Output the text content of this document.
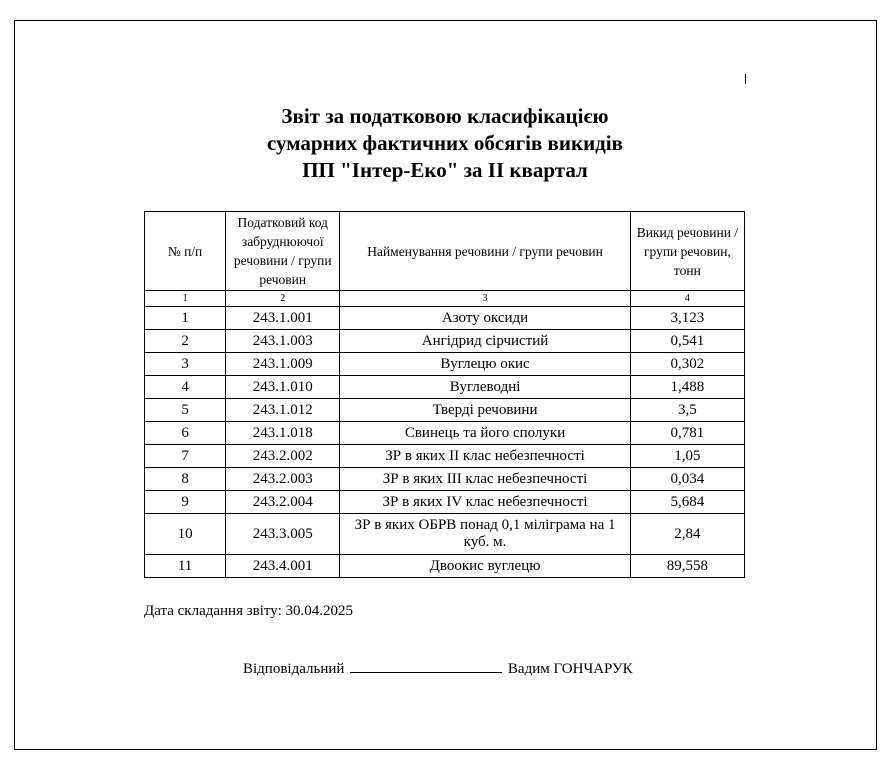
Звіт за податковою класифікацією
сумарних фактичних обсягів викидів
ПП "Інтер-Еко" за ІІ квартал
№ п/п	Податковий код забруднюючої речовини / групи речовин	Найменування речовини / групи речовин	Викид речовини / групи речовин, тонн
1	2	3	4
1	243.1.001	Азоту оксиди	3,123
2	243.1.003	Ангідрид сірчистий	0,541
3	243.1.009	Вуглецю окис	0,302
4	243.1.010	Вуглеводні	1,488
5	243.1.012	Тверді речовини	3,5
6	243.1.018	Свинець та його сполуки	0,781
7	243.2.002	ЗР в яких ІІ клас небезпечності	1,05
8	243.2.003	ЗР в яких ІІІ клас небезпечності	0,034
9	243.2.004	ЗР в яких IV клас небезпечності	5,684
10	243.3.005	ЗР в яких ОБРВ понад 0,1 міліграма на 1 куб. м.	2,84
11	243.4.001	Двоокис вуглецю	89,558
Дата складання звіту: 30.04.2025
Відповідальний	Вадим ГОНЧАРУК
